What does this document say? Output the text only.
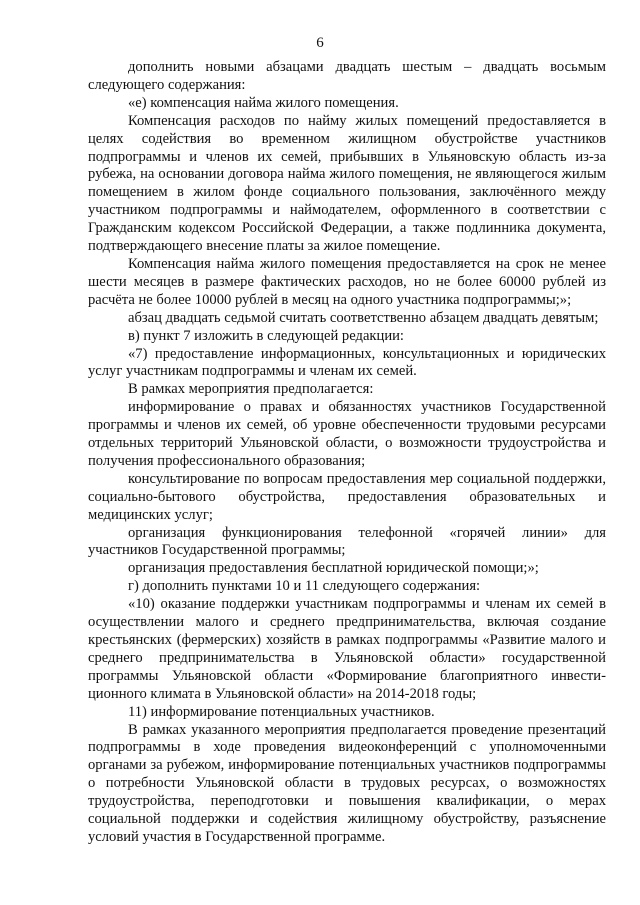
6

дополнить новыми абзацами двадцать шестым – двадцать восьмым следующего содержания:

«е) компенсация найма жилого помещения.

Компенсация расходов по найму жилых помещений предоставляется в целях содействия во временном жилищном обустройстве участников подпрограммы и членов их семей, прибывших в Ульяновскую область из-за рубежа, на основании договора найма жилого помещения, не являющегося жилым помещением в жилом фонде социального пользования, заключённого между участником подпрограммы и наймодателем, оформленного в соответствии с Гражданским кодексом Российской Федерации, а также подлинника документа, подтверждающего внесение платы за жилое помещение.

Компенсация найма жилого помещения предоставляется на срок не менее шести месяцев в размере фактических расходов, но не более 60000 рублей из расчёта не более 10000 рублей в месяц на одного участника подпрограммы;»;

абзац двадцать седьмой считать соответственно абзацем двадцать девятым;

в) пункт 7 изложить в следующей редакции:

«7) предоставление информационных, консультационных и юридических услуг участникам подпрограммы и членам их семей.

В рамках мероприятия предполагается:

информирование о правах и обязанностях участников Государственной программы и членов их семей, об уровне обеспеченности трудовыми ресурсами отдельных территорий Ульяновской области, о возможности трудоустройства и получения профессионального образования;

консультирование по вопросам предоставления мер социальной поддержки, социально-бытового обустройства, предоставления образовательных и медицинских услуг;

организация функционирования телефонной «горячей линии» для участников Государственной программы;

организация предоставления бесплатной юридической помощи;»;

г) дополнить пунктами 10 и 11 следующего содержания:

«10) оказание поддержки участникам подпрограммы и членам их семей в осуществлении малого и среднего предпринимательства, включая создание крестьянских (фермерских) хозяйств в рамках подпрограммы «Развитие малого и среднего предпринимательства в Ульяновской области» государственной программы Ульяновской области «Формирование благоприятного инвестиционного климата в Ульяновской области» на 2014-2018 годы;

11) информирование потенциальных участников.

В рамках указанного мероприятия предполагается проведение презентаций подпрограммы в ходе проведения видеоконференций с уполномоченными органами за рубежом, информирование потенциальных участников подпрограммы о потребности Ульяновской области в трудовых ресурсах, о возможностях трудоустройства, переподготовки и повышения квалификации, о мерах социальной поддержки и содействия жилищному обустройству, разъяснение условий участия в Государственной программе.
